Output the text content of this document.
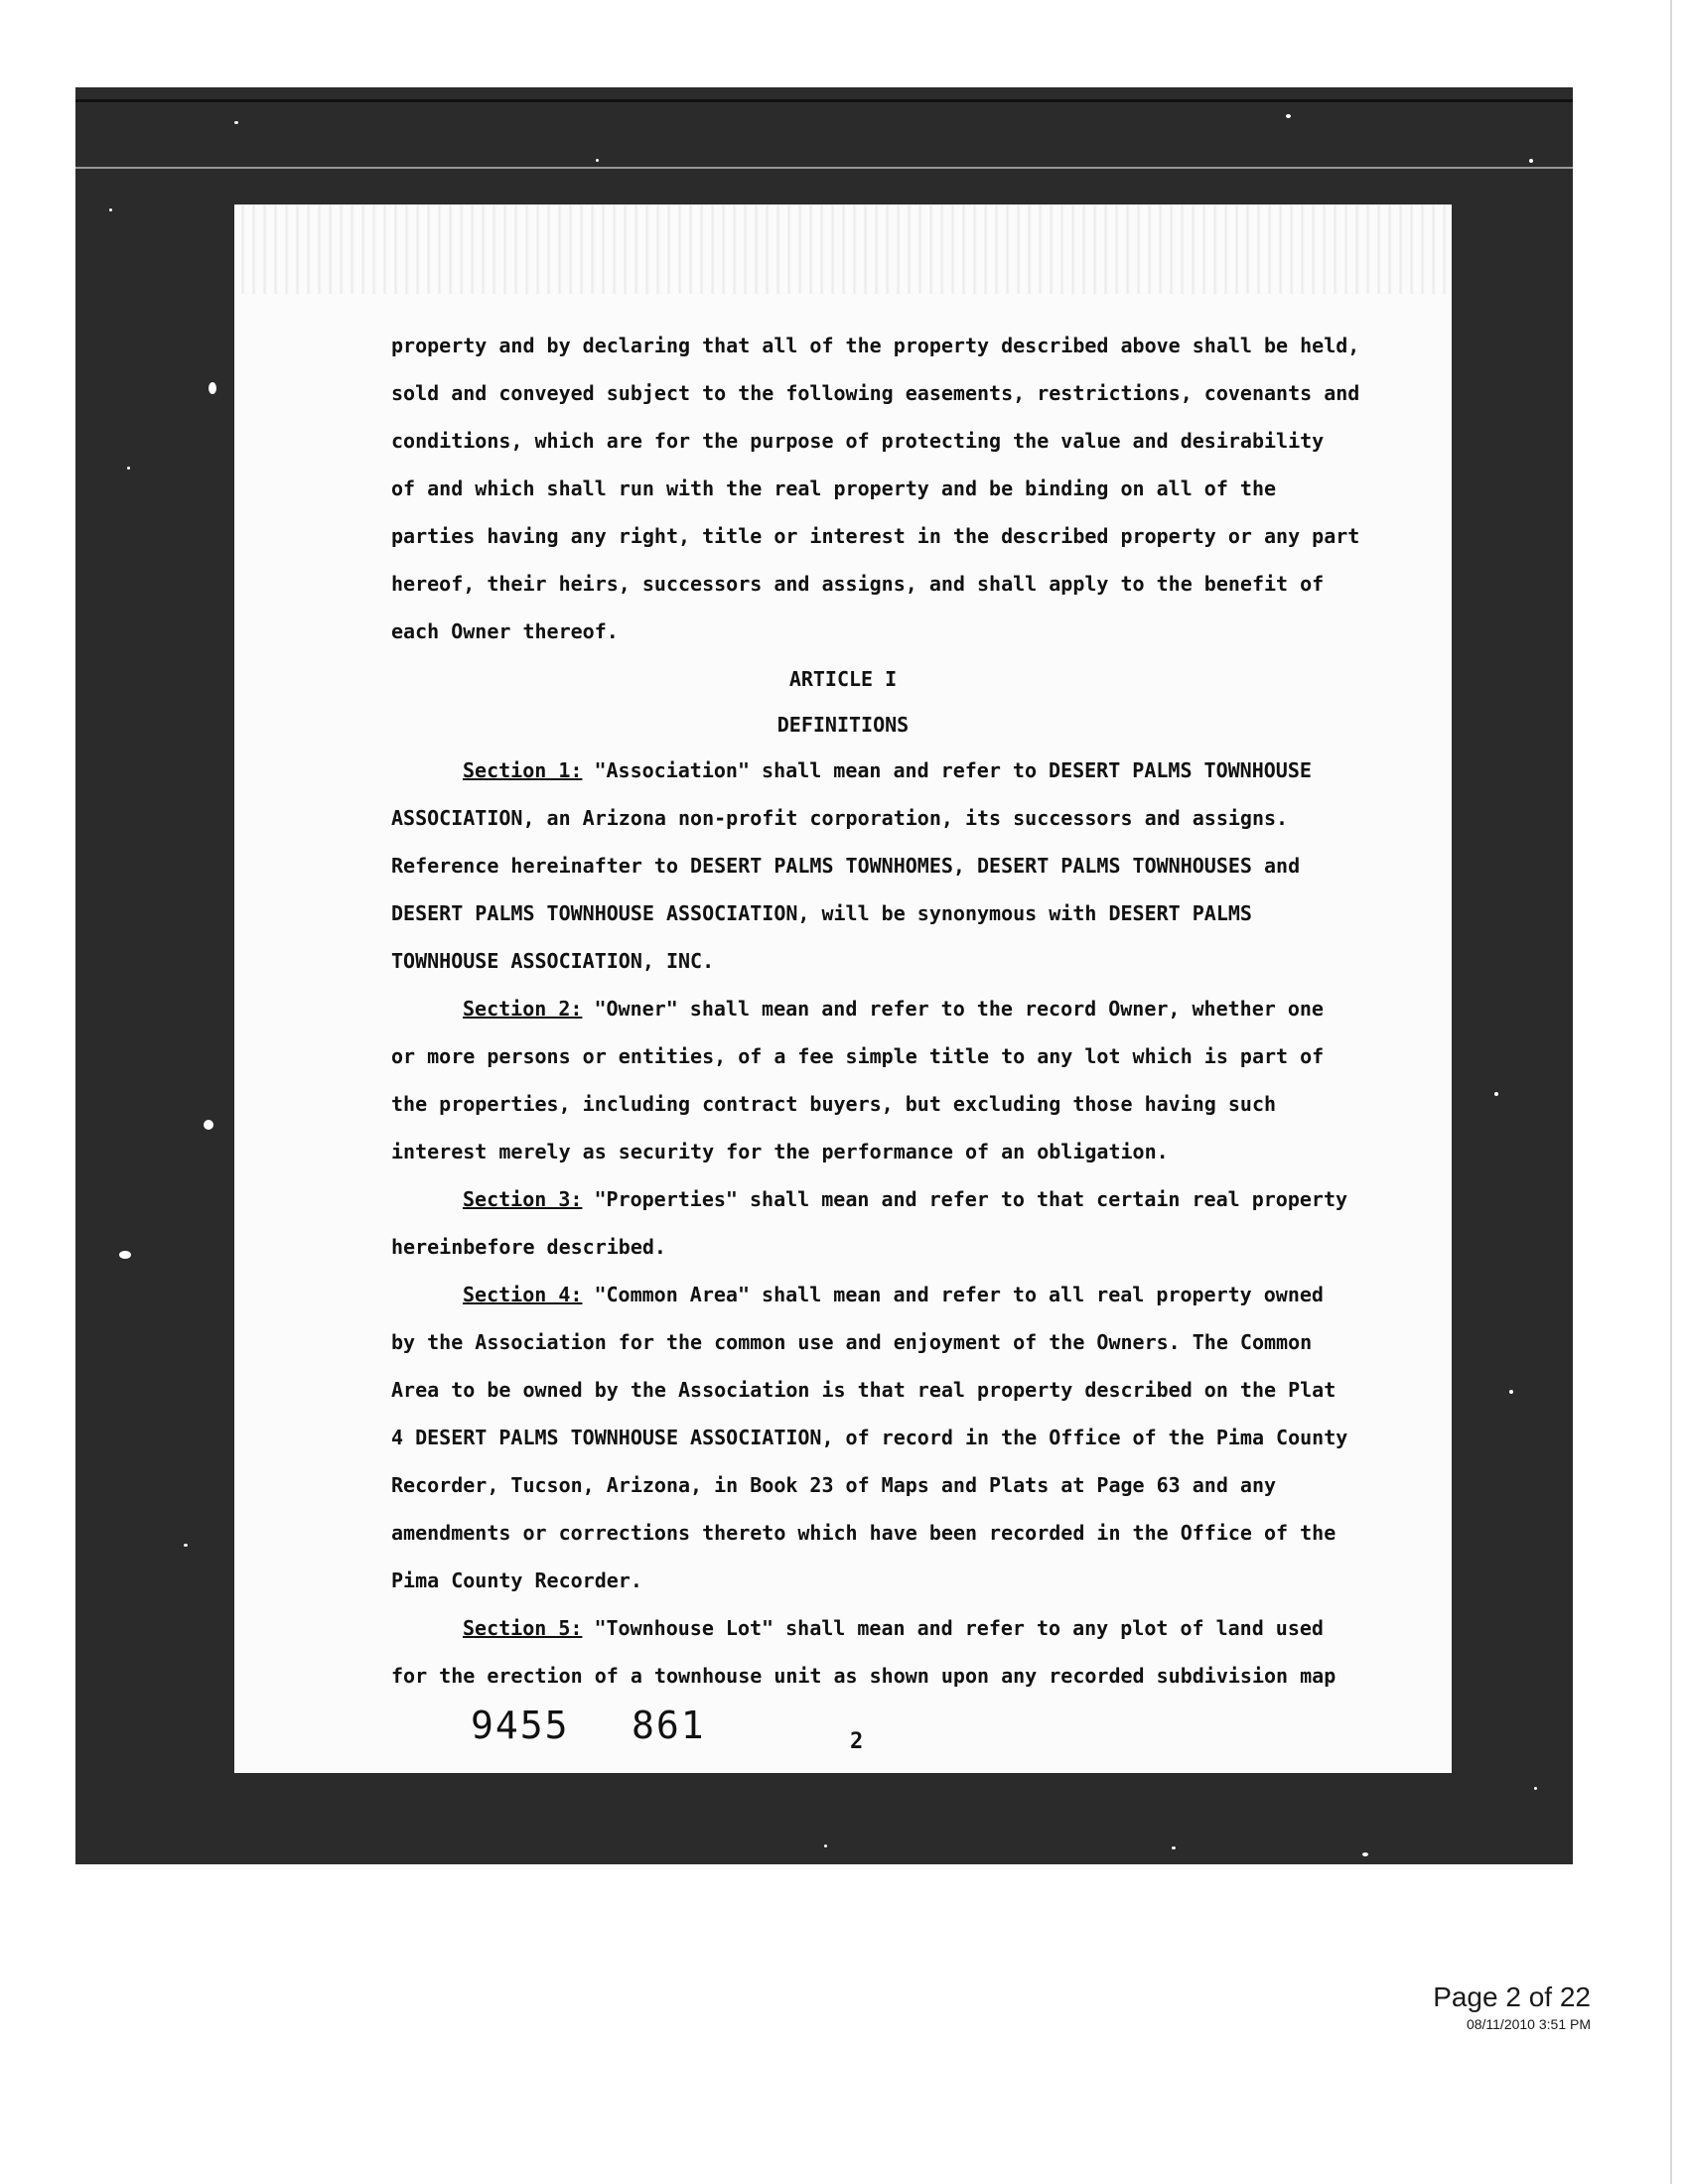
property and by declaring that all of the property described above shall be held,
sold and conveyed subject to the following easements, restrictions, covenants and
conditions, which are for the purpose of protecting the value and desirability
of and which shall run with the real property and be binding on all of the
parties having any right, title or interest in the described property or any part
hereof, their heirs, successors and assigns, and shall apply to the benefit of
each Owner thereof.
ARTICLE I
DEFINITIONS
Section 1: "Association" shall mean and refer to DESERT PALMS TOWNHOUSE
ASSOCIATION, an Arizona non-profit corporation, its successors and assigns.
Reference hereinafter to DESERT PALMS TOWNHOMES, DESERT PALMS TOWNHOUSES and
DESERT PALMS TOWNHOUSE ASSOCIATION, will be synonymous with DESERT PALMS
TOWNHOUSE ASSOCIATION, INC.
Section 2: "Owner" shall mean and refer to the record Owner, whether one
or more persons or entities, of a fee simple title to any lot which is part of
the properties, including contract buyers, but excluding those having such
interest merely as security for the performance of an obligation.
Section 3: "Properties" shall mean and refer to that certain real property
hereinbefore described.
Section 4: "Common Area" shall mean and refer to all real property owned
by the Association for the common use and enjoyment of the Owners. The Common
Area to be owned by the Association is that real property described on the Plat
4 DESERT PALMS TOWNHOUSE ASSOCIATION, of record in the Office of the Pima County
Recorder, Tucson, Arizona, in Book 23 of Maps and Plats at Page 63 and any
amendments or corrections thereto which have been recorded in the Office of the
Pima County Recorder.
Section 5: "Townhouse Lot" shall mean and refer to any plot of land used
for the erection of a townhouse unit as shown upon any recorded subdivision map
9455 861	2
Page 2 of 22
08/11/2010 3:51 PM
